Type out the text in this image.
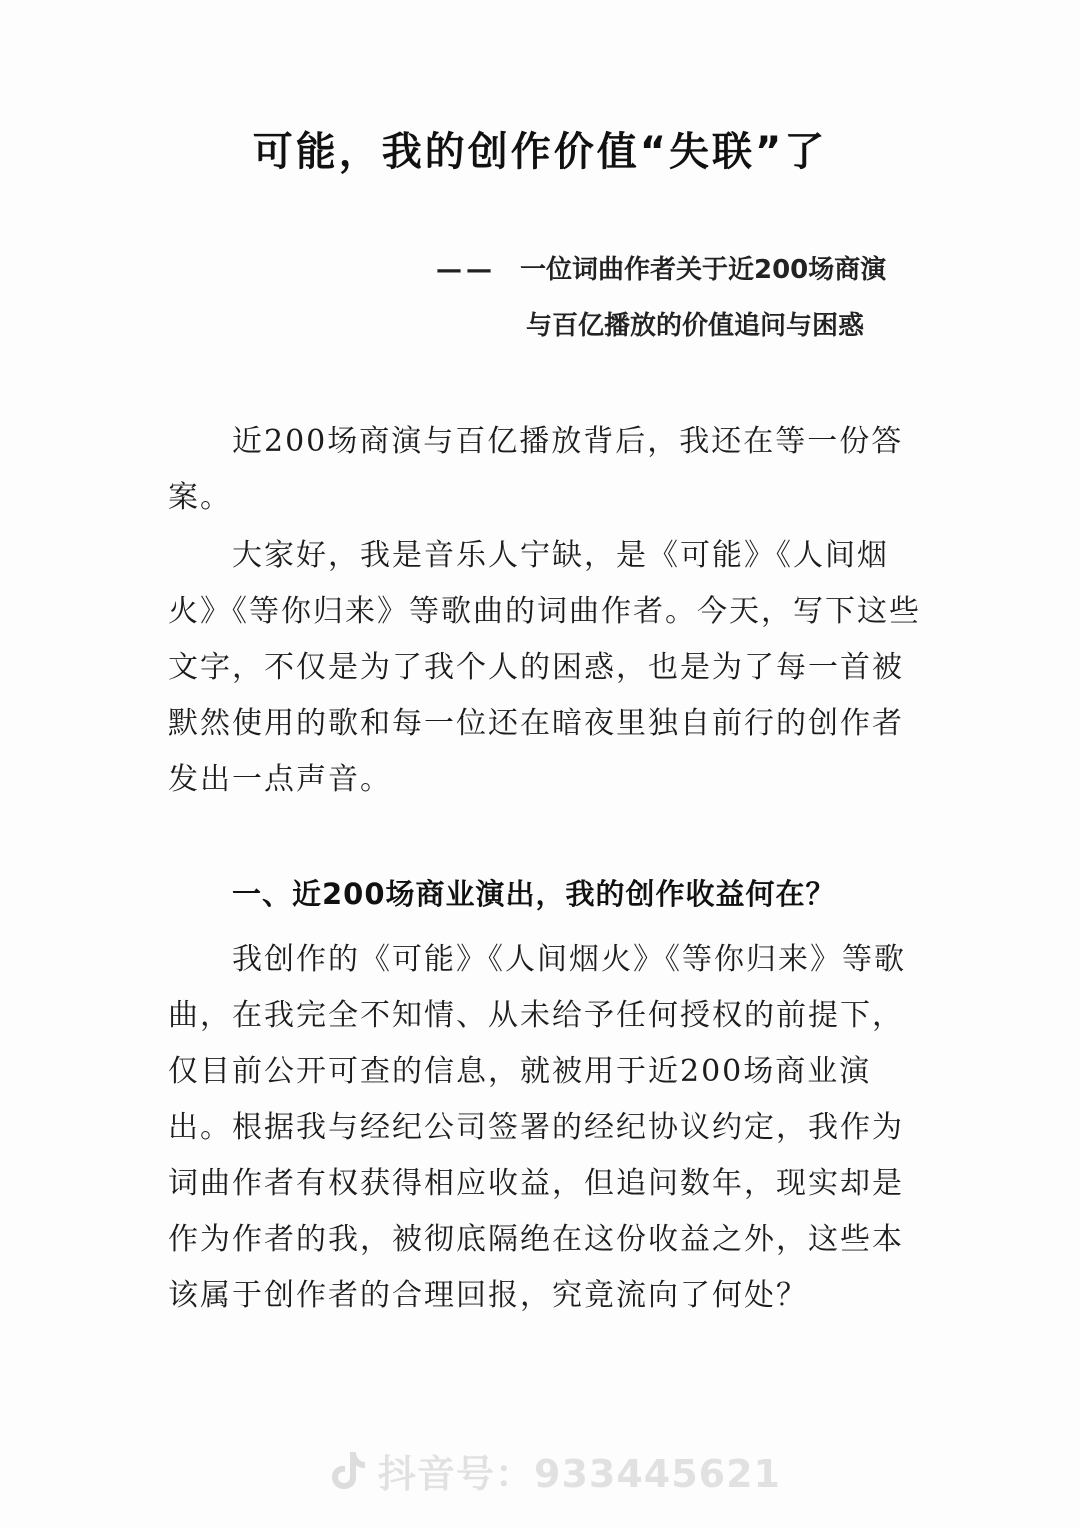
可能，我的创作价值“失联”了
—— 一位词曲作者关于近200场商演
与百亿播放的价值追问与困惑

近200场商演与百亿播放背后，我还在等一份答案。

大家好，我是音乐人宁缺，是《可能》《人间烟火》《等你归来》等歌曲的词曲作者。今天，写下这些文字，不仅是为了我个人的困惑，也是为了每一首被默然使用的歌和每一位还在暗夜里独自前行的创作者发出一点声音。

一、近200场商业演出，我的创作收益何在？

我创作的《可能》《人间烟火》《等你归来》等歌曲，在我完全不知情、从未给予任何授权的前提下，仅目前公开可查的信息，就被用于近200场商业演出。根据我与经纪公司签署的经纪协议约定，我作为词曲作者有权获得相应收益，但追问数年，现实却是作为作者的我，被彻底隔绝在这份收益之外，这些本该属于创作者的合理回报，究竟流向了何处？

抖音号：933445621
